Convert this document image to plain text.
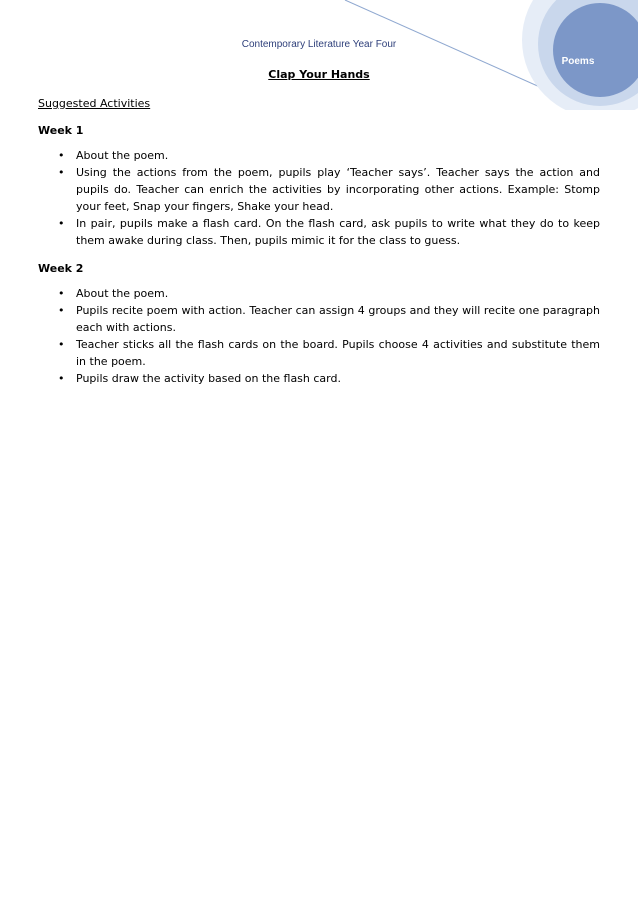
Contemporary Literature Year Four
Poems
Clap Your Hands
Suggested Activities
Week 1
• About the poem.
• Using the actions from the poem, pupils play ‘Teacher says’. Teacher says the action and pupils do. Teacher can enrich the activities by incorporating other actions. Example: Stomp your feet, Snap your fingers, Shake your head.
• In pair, pupils make a flash card. On the flash card, ask pupils to write what they do to keep them awake during class. Then, pupils mimic it for the class to guess.
Week 2
• About the poem.
• Pupils recite poem with action. Teacher can assign 4 groups and they will recite one paragraph each with actions.
• Teacher sticks all the flash cards on the board. Pupils choose 4 activities and substitute them in the poem.
• Pupils draw the activity based on the flash card.
